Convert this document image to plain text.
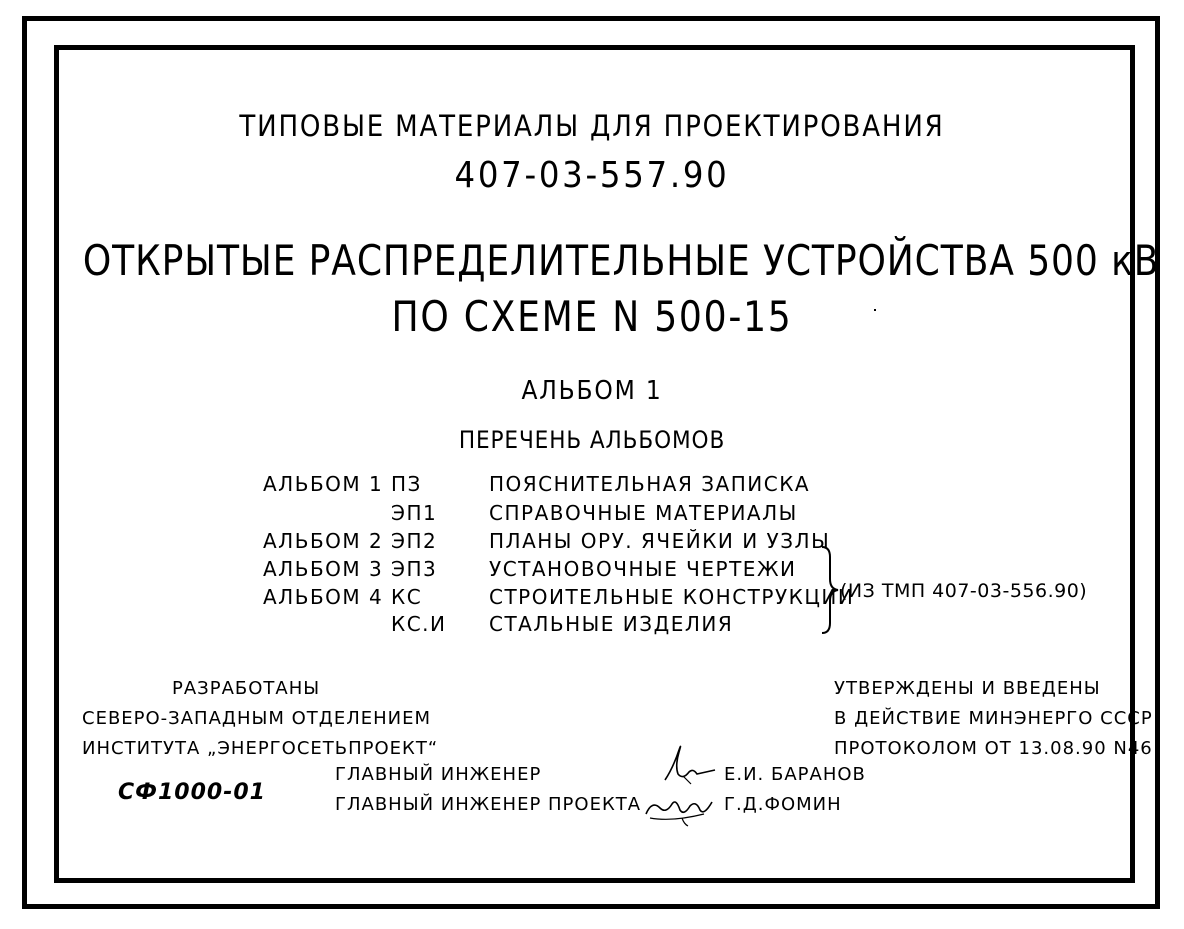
ТИПОВЫЕ МАТЕРИАЛЫ ДЛЯ ПРОЕКТИРОВАНИЯ
407-03-557.90
ОТКРЫТЫЕ РАСПРЕДЕЛИТЕЛЬНЫЕ УСТРОЙСТВА 500 кВ
ПО СХЕМЕ N 500-15
АЛЬБОМ 1
ПЕРЕЧЕНЬ АЛЬБОМОВ
АЛЬБОМ 1 ПЗ	ПОЯСНИТЕЛЬНАЯ ЗАПИСКА
ЭП1	СПРАВОЧНЫЕ МАТЕРИАЛЫ
АЛЬБОМ 2 ЭП2	ПЛАНЫ ОРУ. ЯЧЕЙКИ И УЗЛЫ
АЛЬБОМ 3 ЭП3	УСТАНОВОЧНЫЕ ЧЕРТЕЖИ
АЛЬБОМ 4 КС	СТРОИТЕЛЬНЫЕ КОНСТРУКЦИИ
КС.И СТАЛЬНЫЕ ИЗДЕЛИЯ
(ИЗ ТМП 407-03-556.90)
РАЗРАБОТАНЫ
СЕВЕРО-ЗАПАДНЫМ ОТДЕЛЕНИЕМ
ИНСТИТУТА „ЭНЕРГОСЕТЬПРОЕКТ“
УТВЕРЖДЕНЫ И ВВЕДЕНЫ
В ДЕЙСТВИЕ МИНЭНЕРГО СССР
ПРОТОКОЛОМ ОТ 13.08.90 N46
ГЛАВНЫЙ ИНЖЕНЕР	Е.И. БАРАНОВ
ГЛАВНЫЙ ИНЖЕНЕР ПРОЕКТА	Г.Д.ФОМИН
СФ1000-01
